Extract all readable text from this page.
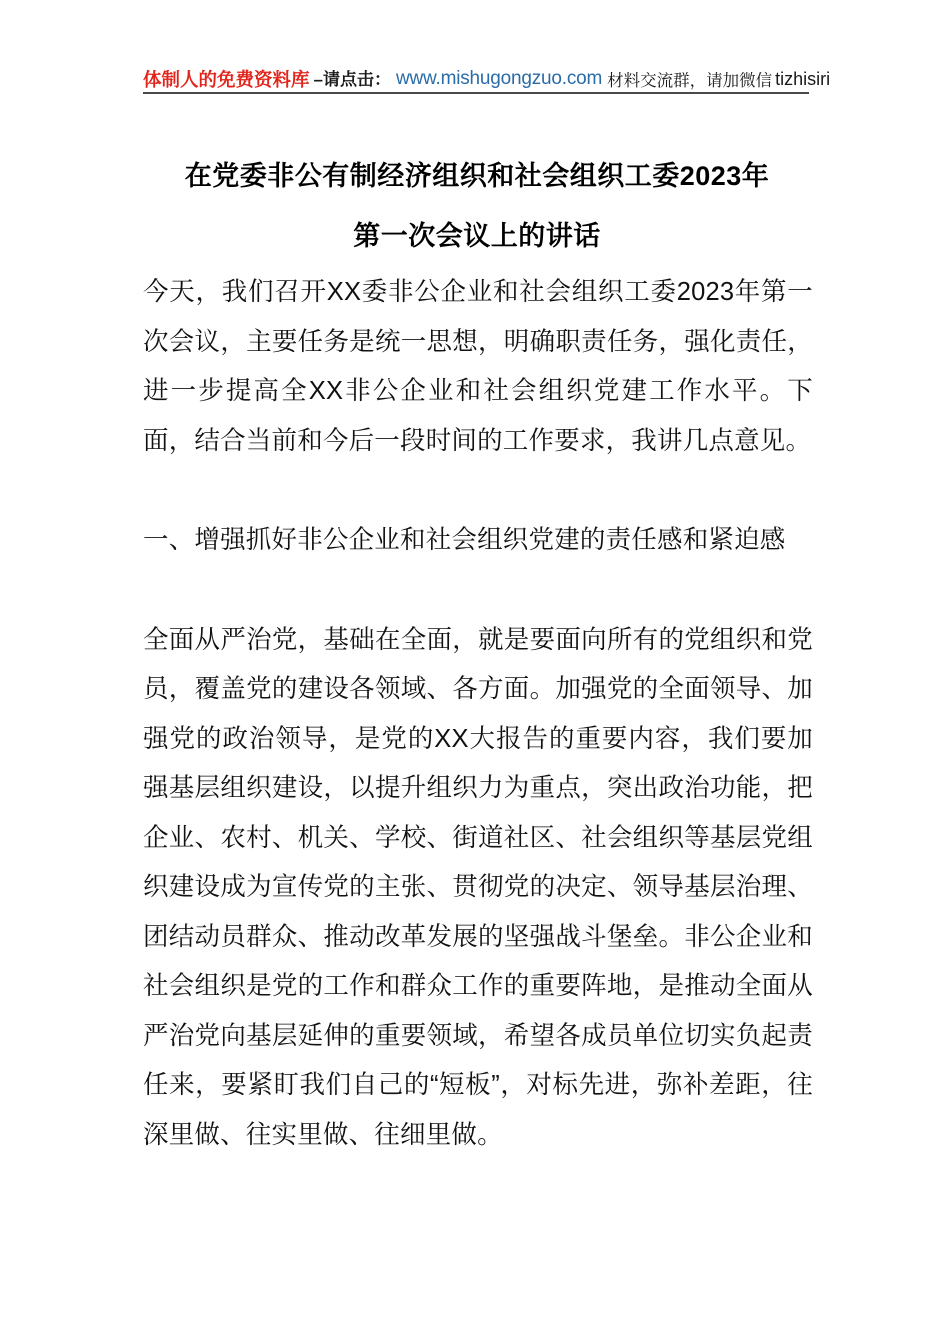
体制人的免费资料库 –请点击： www.mishugongzuo.com 材料交流群，请加微信 tizhisiri
在党委非公有制经济组织和社会组织工委2023年
第一次会议上的讲话

今天，我们召开XX委非公企业和社会组织工委2023年第一次会议，主要任务是统一思想，明确职责任务，强化责任，进一步提高全XX非公企业和社会组织党建工作水平。下面，结合当前和今后一段时间的工作要求，我讲几点意见。

一、增强抓好非公企业和社会组织党建的责任感和紧迫感

全面从严治党，基础在全面，就是要面向所有的党组织和党员，覆盖党的建设各领域、各方面。加强党的全面领导、加强党的政治领导，是党的XX大报告的重要内容，我们要加强基层组织建设，以提升组织力为重点，突出政治功能，把企业、农村、机关、学校、街道社区、社会组织等基层党组织建设成为宣传党的主张、贯彻党的决定、领导基层治理、团结动员群众、推动改革发展的坚强战斗堡垒。非公企业和社会组织是党的工作和群众工作的重要阵地，是推动全面从严治党向基层延伸的重要领域，希望各成员单位切实负起责任来，要紧盯我们自己的“短板”，对标先进，弥补差距，往深里做、往实里做、往细里做。
